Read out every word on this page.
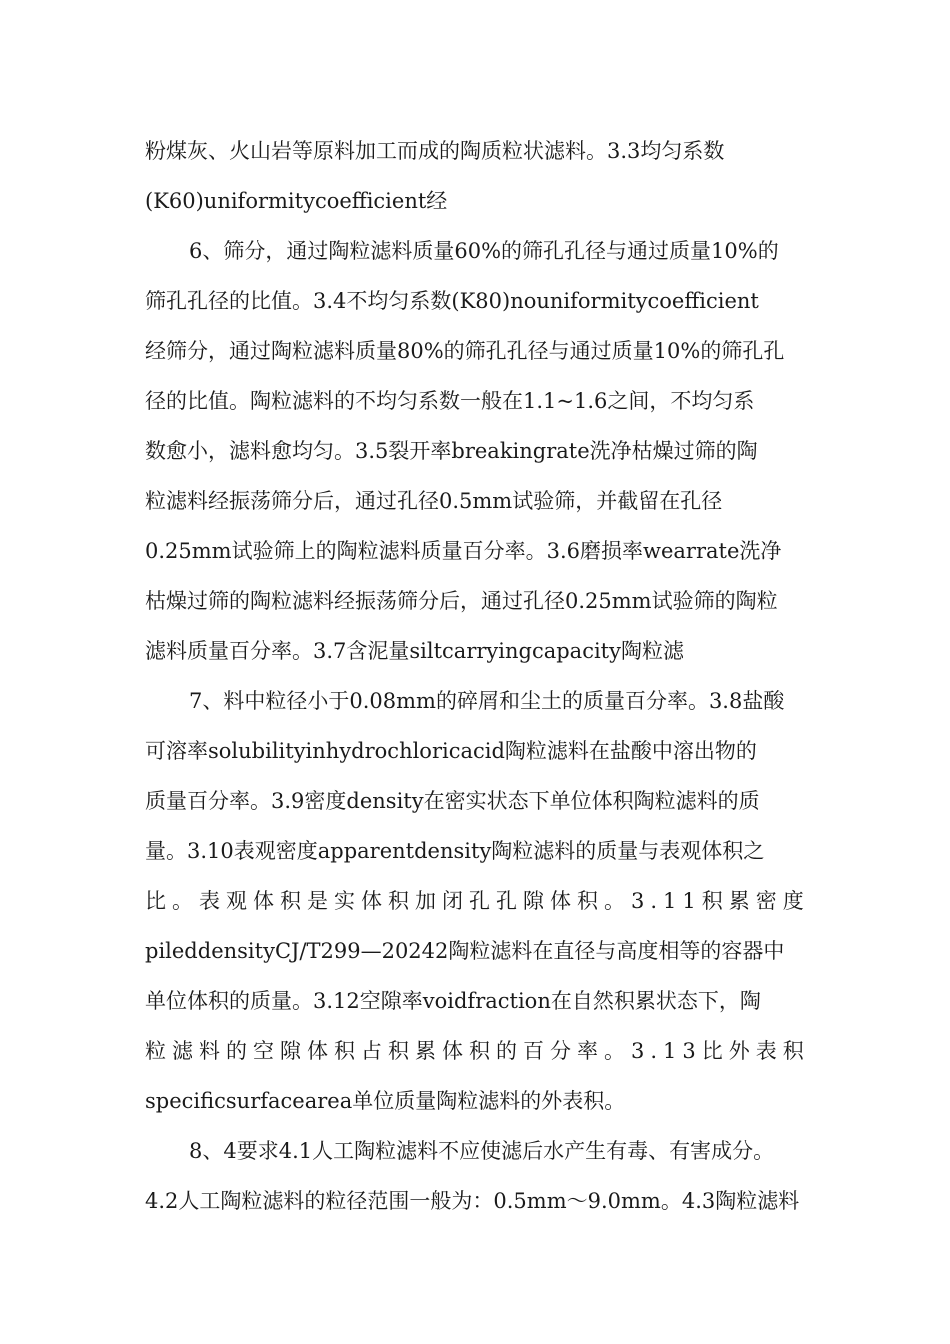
粉煤灰、火山岩等原料加工而成的陶质粒状滤料。3.3均匀系数
(K60)uniformitycoefficient经
6、筛分，通过陶粒滤料质量60%的筛孔孔径与通过质量10%的
筛孔孔径的比值。3.4不均匀系数(K80)nouniformitycoefficient
经筛分，通过陶粒滤料质量80%的筛孔孔径与通过质量10%的筛孔孔
径的比值。陶粒滤料的不均匀系数一般在1.1~1.6之间，不均匀系
数愈小，滤料愈均匀。3.5裂开率breakingrate洗净枯燥过筛的陶
粒滤料经振荡筛分后，通过孔径0.5mm试验筛，并截留在孔径
0.25mm试验筛上的陶粒滤料质量百分率。3.6磨损率wearrate洗净
枯燥过筛的陶粒滤料经振荡筛分后，通过孔径0.25mm试验筛的陶粒
滤料质量百分率。3.7含泥量siltcarryingcapacity陶粒滤
7、料中粒径小于0.08mm的碎屑和尘土的质量百分率。3.8盐酸
可溶率solubilityinhydrochloricacid陶粒滤料在盐酸中溶出物的
质量百分率。3.9密度density在密实状态下单位体积陶粒滤料的质
量。3.10表观密度apparentdensity陶粒滤料的质量与表观体积之
比。表观体积是实体积加闭孔孔隙体积。3.11积累密度
pileddensityCJ/T299—20242陶粒滤料在直径与高度相等的容器中
单位体积的质量。3.12空隙率voidfraction在自然积累状态下，陶
粒滤料的空隙体积占积累体积的百分率。3.13比外表积
specificsurfacearea单位质量陶粒滤料的外表积。
8、4要求4.1人工陶粒滤料不应使滤后水产生有毒、有害成分。
4.2人工陶粒滤料的粒径范围一般为：0.5mm～9.0mm。4.3陶粒滤料
